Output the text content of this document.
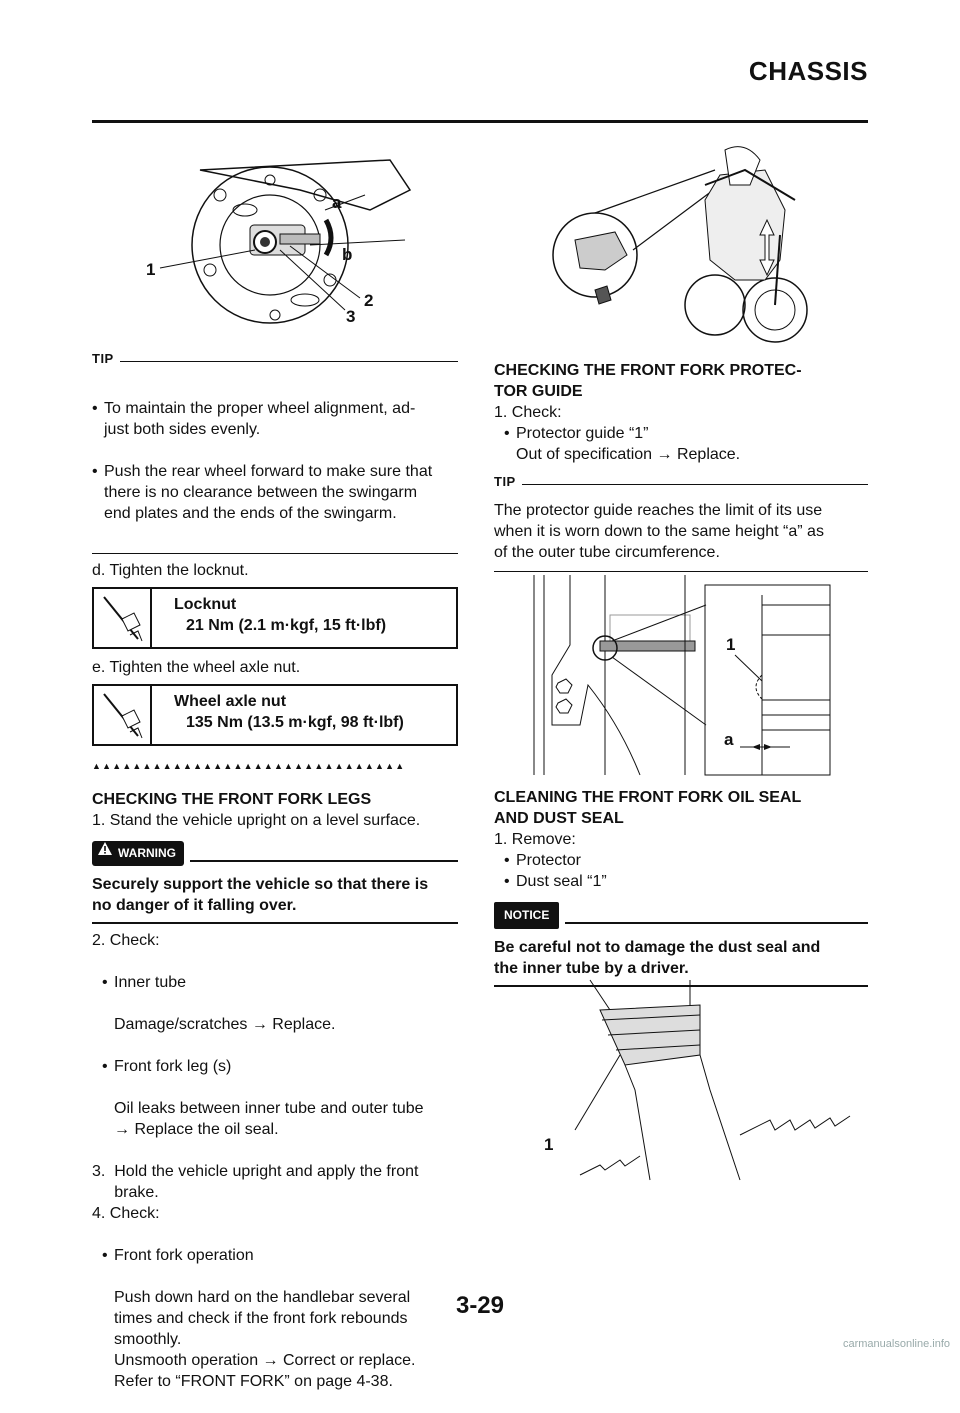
CHASSIS
a
b
1
2
3
TIP

• To maintain the proper wheel alignment, ad-
just both sides evenly.

• Push the rear wheel forward to make sure that
there is no clearance between the swingarm
end plates and the ends of the swingarm.

d. Tighten the locknut.
Locknut
21 Nm (2.1 m·kgf, 15 ft·lbf)
e. Tighten the wheel axle nut.
Wheel axle nut
135 Nm (13.5 m·kgf, 98 ft·lbf)
▲▲▲▲▲▲▲▲▲▲▲▲▲▲▲▲▲▲▲▲▲▲▲▲▲▲▲▲▲▲▲
CHECKING THE FRONT FORK LEGS
1. Stand the vehicle upright on a level surface.
WARNING
Securely support the vehicle so that there is
no danger of it falling over.
2. Check:

• Inner tube

Damage/scratches → Replace.

• Front fork leg (s)

Oil leaks between inner tube and outer tube
→ Replace the oil seal.

3.  Hold the vehicle upright and apply the front
brake.
4. Check:

• Front fork operation

Push down hard on the handlebar several
times and check if the front fork rebounds
smoothly.
Unsmooth operation → Correct or replace.
Refer to “FRONT FORK” on page 4-38.

CHECKING THE FRONT FORK PROTEC-
TOR GUIDE
1. Check:
• Protector guide “1”
Out of specification → Replace.
TIP
The protector guide reaches the limit of its use
when it is worn down to the same height “a” as
of the outer tube circumference.
1
a
CLEANING THE FRONT FORK OIL SEAL
AND DUST SEAL
1. Remove:
• Protector
• Dust seal “1”
NOTICE
Be careful not to damage the dust seal and
the inner tube by a driver.
1
3-29
carmanualsonline.info
